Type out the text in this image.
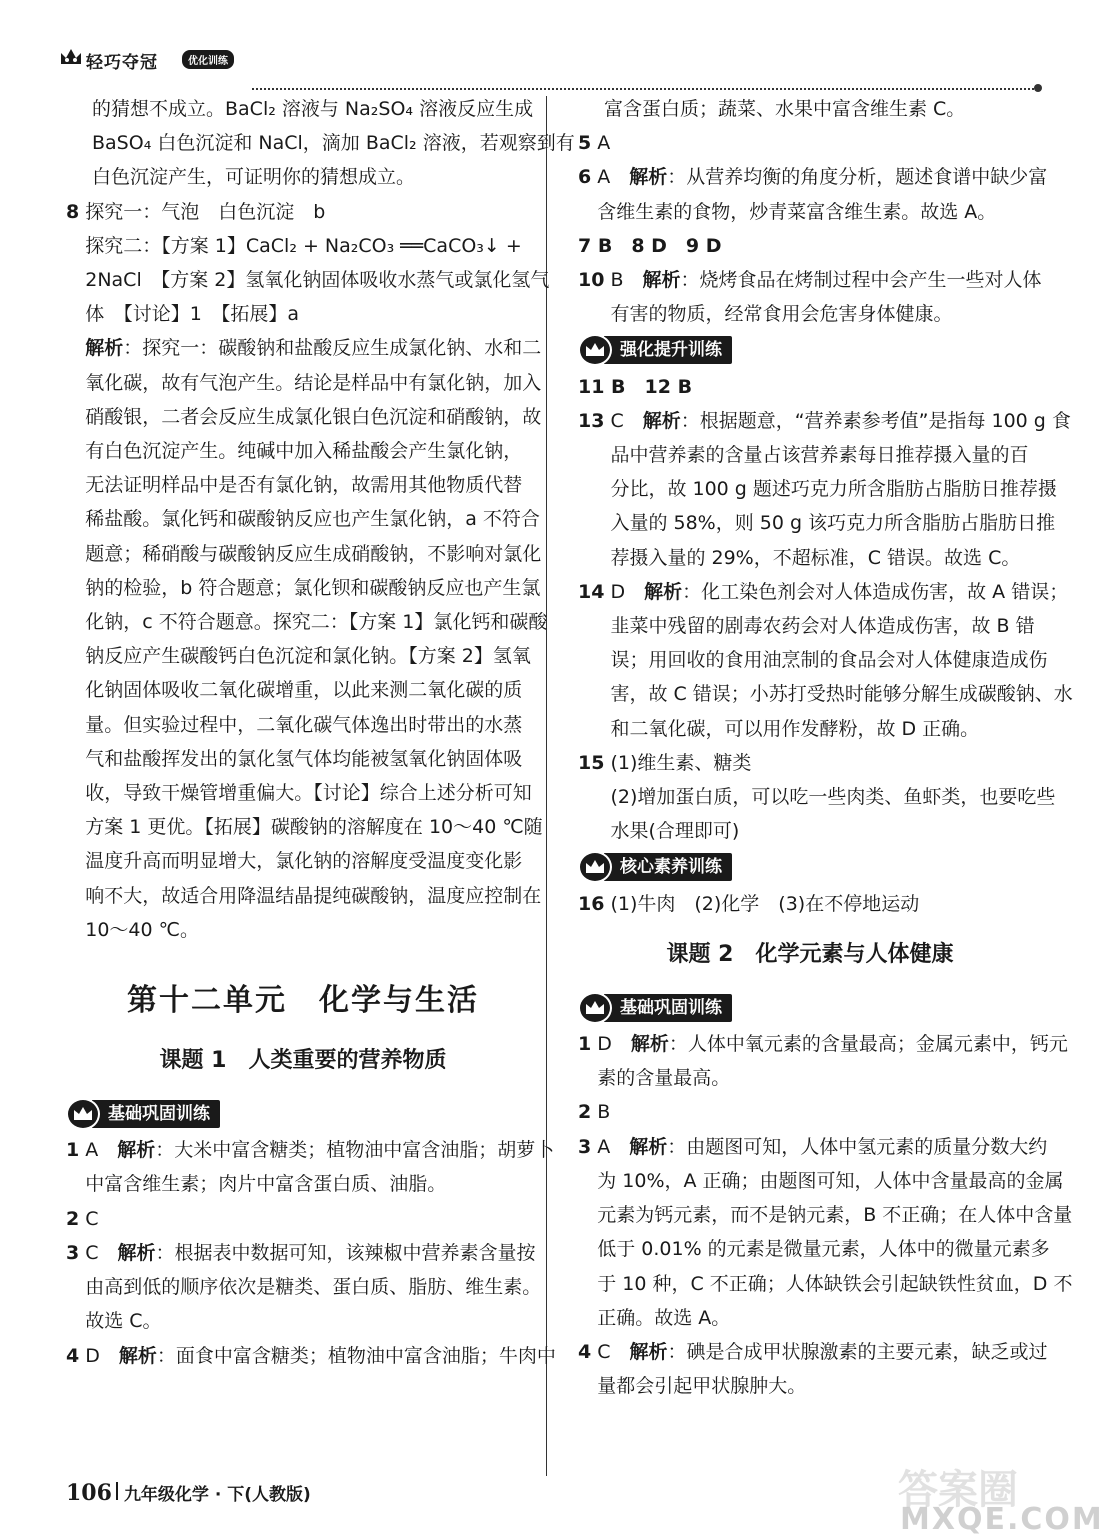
轻巧夺冠	优化训练
的猜想不成立。BaCl₂ 溶液与 Na₂SO₄ 溶液反应生成
BaSO₄ 白色沉淀和 NaCl，滴加 BaCl₂ 溶液，若观察到有
白色沉淀产生，可证明你的猜想成立。
8 探究一：气泡　白色沉淀　b
探究二：【方案 1】CaCl₂ + Na₂CO₃ ══CaCO₃↓ +
2NaCl　【方案 2】氢氧化钠固体吸收水蒸气或氯化氢气
体　【讨论】1　【拓展】a
解析：探究一：碳酸钠和盐酸反应生成氯化钠、水和二
氧化碳，故有气泡产生。结论是样品中有氯化钠，加入
硝酸银，二者会反应生成氯化银白色沉淀和硝酸钠，故
有白色沉淀产生。纯碱中加入稀盐酸会产生氯化钠，
无法证明样品中是否有氯化钠，故需用其他物质代替
稀盐酸。氯化钙和碳酸钠反应也产生氯化钠，a 不符合
题意；稀硝酸与碳酸钠反应生成硝酸钠，不影响对氯化
钠的检验，b 符合题意；氯化钡和碳酸钠反应也产生氯
化钠，c 不符合题意。探究二：【方案 1】氯化钙和碳酸
钠反应产生碳酸钙白色沉淀和氯化钠。【方案 2】氢氧
化钠固体吸收二氧化碳增重，以此来测二氧化碳的质
量。但实验过程中，二氧化碳气体逸出时带出的水蒸
气和盐酸挥发出的氯化氢气体均能被氢氧化钠固体吸
收，导致干燥管增重偏大。【讨论】综合上述分析可知
方案 1 更优。【拓展】碳酸钠的溶解度在 10～40 ℃随
温度升高而明显增大，氯化钠的溶解度受温度变化影
响不大，故适合用降温结晶提纯碳酸钠，温度应控制在
10～40 ℃。
第十二单元　化学与生活
课题 1　人类重要的营养物质
基础巩固训练
1 A　 解析：大米中富含糖类；植物油中富含油脂；胡萝卜
中富含维生素；肉片中富含蛋白质、油脂。
2 C
3 C　 解析：根据表中数据可知，该辣椒中营养素含量按
由高到低的顺序依次是糖类、蛋白质、脂肪、维生素。
故选 C。
4 D　 解析：面食中富含糖类；植物油中富含油脂；牛肉中
富含蛋白质；蔬菜、水果中富含维生素 C。
5 A
6 A　 解析：从营养均衡的角度分析，题述食谱中缺少富
含维生素的食物，炒青菜富含维生素。故选 A。
7 B　8 D　9 D
10 B　 解析：烧烤食品在烤制过程中会产生一些对人体
有害的物质，经常食用会危害身体健康。
强化提升训练
11 B　12 B
13 C　 解析：根据题意，“营养素参考值”是指每 100 g 食
品中营养素的含量占该营养素每日推荐摄入量的百
分比，故 100 g 题述巧克力所含脂肪占脂肪日推荐摄
入量的 58%，则 50 g 该巧克力所含脂肪占脂肪日推
荐摄入量的 29%，不超标准，C 错误。故选 C。
14 D　 解析：化工染色剂会对人体造成伤害，故 A 错误；
韭菜中残留的剧毒农药会对人体造成伤害，故 B 错
误；用回收的食用油烹制的食品会对人体健康造成伤
害，故 C 错误；小苏打受热时能够分解生成碳酸钠、水
和二氧化碳，可以用作发酵粉，故 D 正确。
15 (1)维生素、糖类
(2)增加蛋白质，可以吃一些肉类、鱼虾类，也要吃些
水果(合理即可)
核心素养训练
16 (1)牛肉　(2)化学　(3)在不停地运动
课题 2　化学元素与人体健康
基础巩固训练
1 D　 解析：人体中氧元素的含量最高；金属元素中，钙元
素的含量最高。
2 B
3 A　 解析：由题图可知，人体中氢元素的质量分数大约
为 10%，A 正确；由题图可知，人体中含量最高的金属
元素为钙元素，而不是钠元素，B 不正确；在人体中含量
低于 0.01% 的元素是微量元素，人体中的微量元素多
于 10 种，C 不正确；人体缺铁会引起缺铁性贫血，D 不
正确。故选 A。
4 C　 解析：碘是合成甲状腺激素的主要元素，缺乏或过
量都会引起甲状腺肿大。
106 九年级化学 · 下(人教版)	答案圈
MXQE.COM
